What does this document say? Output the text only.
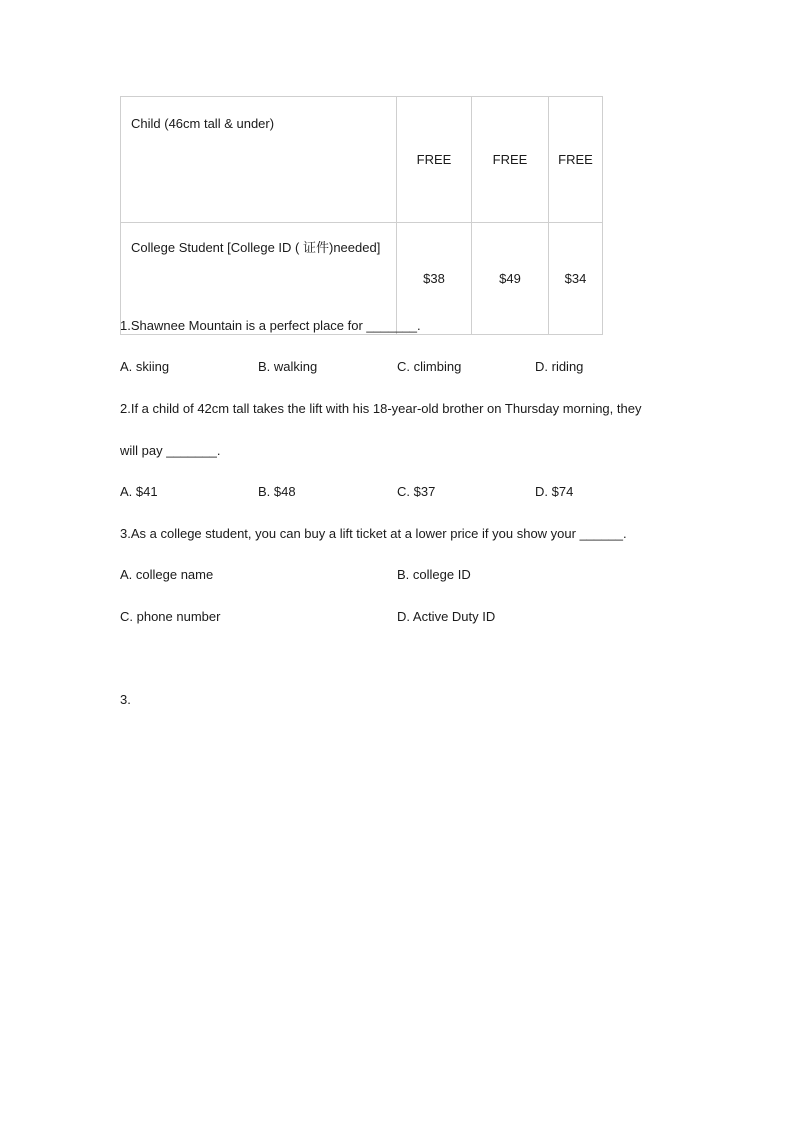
Child (46cm tall & under)	FREE	FREE	FREE
College Student [College ID ( 证件)needed]	$38	$49	$34
1.Shawnee Mountain is a perfect place for _______.
A. skiing	B. walking	C. climbing	D. riding
2.If a child of 42cm tall takes the lift with his 18-year-old brother on Thursday morning, they
will pay _______.
A. $41	B. $48	C. $37	D. $74
3.As a college student, you can buy a lift ticket at a lower price if you show your ______.
A. college name	B. college ID
C. phone number	D. Active Duty ID
3.
